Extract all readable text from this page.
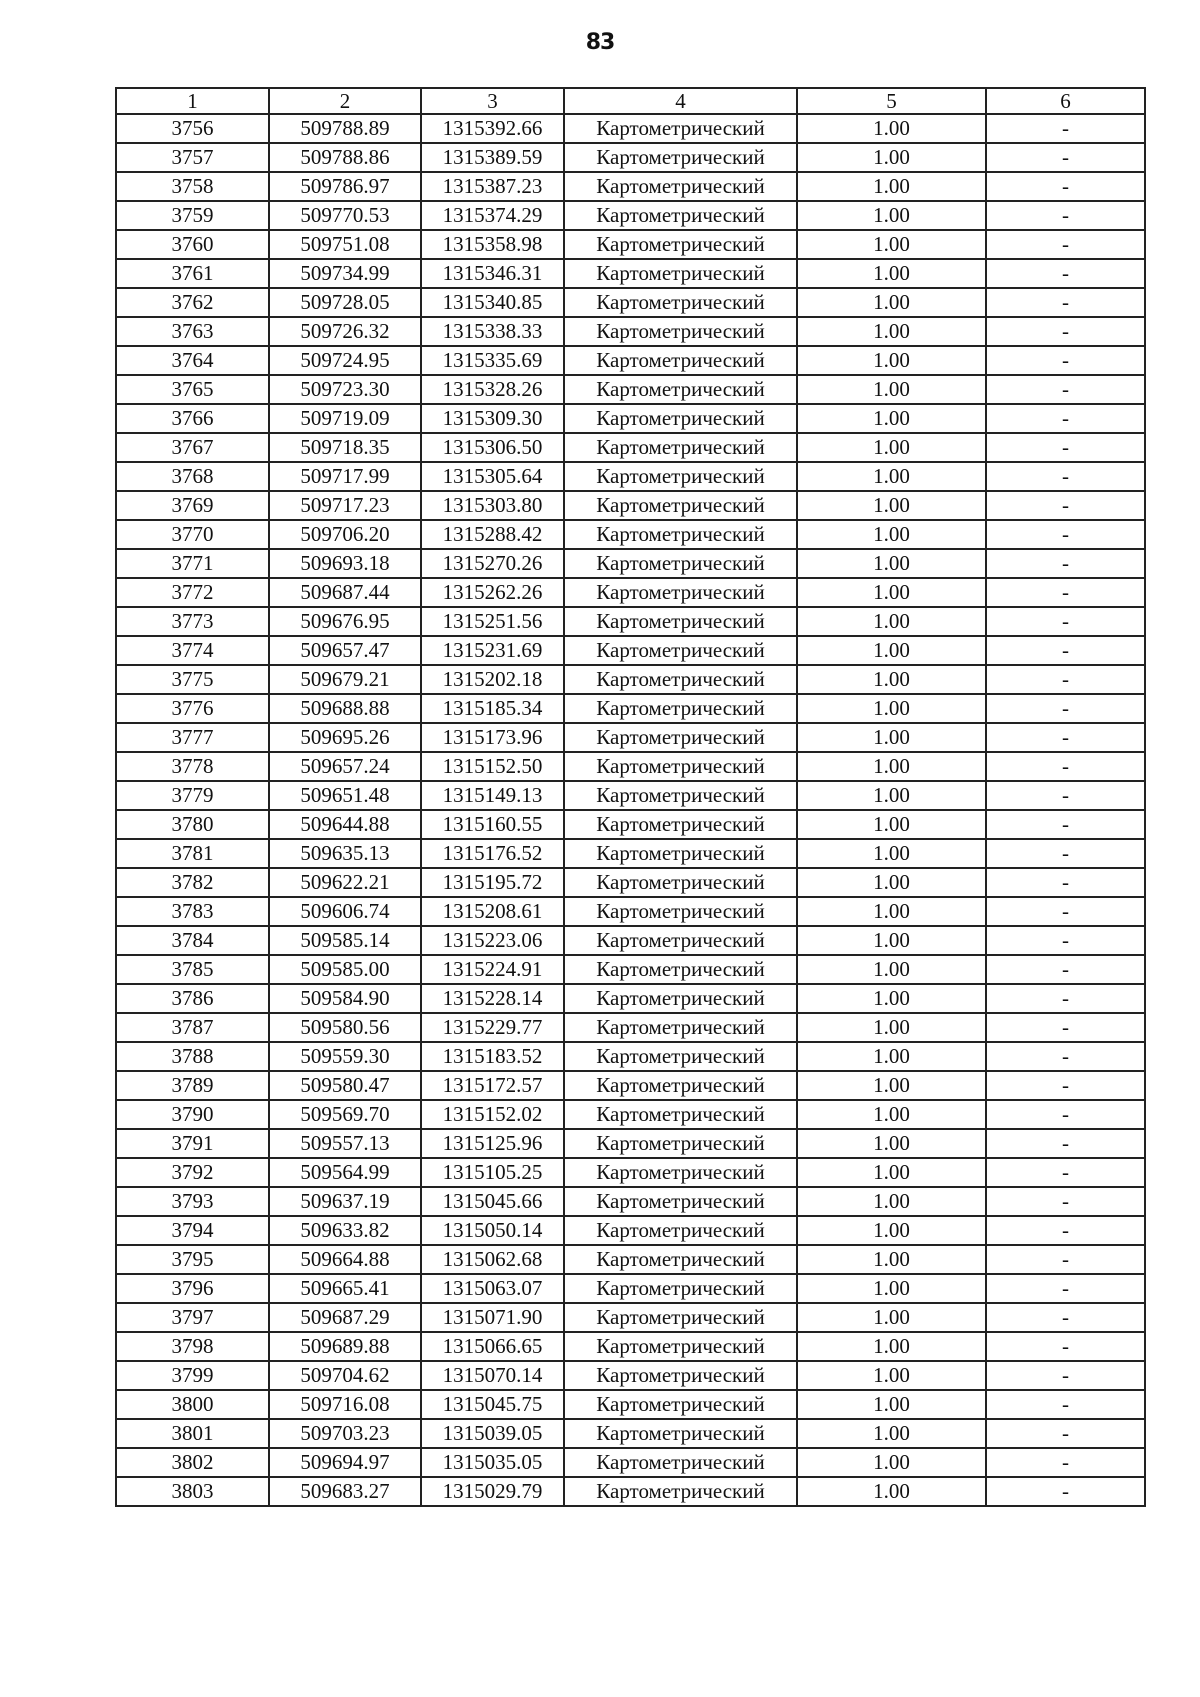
83
1	2	3	4	5	6
3756	509788.89	1315392.66	Картометрический	1.00	-
3757	509788.86	1315389.59	Картометрический	1.00	-
3758	509786.97	1315387.23	Картометрический	1.00	-
3759	509770.53	1315374.29	Картометрический	1.00	-
3760	509751.08	1315358.98	Картометрический	1.00	-
3761	509734.99	1315346.31	Картометрический	1.00	-
3762	509728.05	1315340.85	Картометрический	1.00	-
3763	509726.32	1315338.33	Картометрический	1.00	-
3764	509724.95	1315335.69	Картометрический	1.00	-
3765	509723.30	1315328.26	Картометрический	1.00	-
3766	509719.09	1315309.30	Картометрический	1.00	-
3767	509718.35	1315306.50	Картометрический	1.00	-
3768	509717.99	1315305.64	Картометрический	1.00	-
3769	509717.23	1315303.80	Картометрический	1.00	-
3770	509706.20	1315288.42	Картометрический	1.00	-
3771	509693.18	1315270.26	Картометрический	1.00	-
3772	509687.44	1315262.26	Картометрический	1.00	-
3773	509676.95	1315251.56	Картометрический	1.00	-
3774	509657.47	1315231.69	Картометрический	1.00	-
3775	509679.21	1315202.18	Картометрический	1.00	-
3776	509688.88	1315185.34	Картометрический	1.00	-
3777	509695.26	1315173.96	Картометрический	1.00	-
3778	509657.24	1315152.50	Картометрический	1.00	-
3779	509651.48	1315149.13	Картометрический	1.00	-
3780	509644.88	1315160.55	Картометрический	1.00	-
3781	509635.13	1315176.52	Картометрический	1.00	-
3782	509622.21	1315195.72	Картометрический	1.00	-
3783	509606.74	1315208.61	Картометрический	1.00	-
3784	509585.14	1315223.06	Картометрический	1.00	-
3785	509585.00	1315224.91	Картометрический	1.00	-
3786	509584.90	1315228.14	Картометрический	1.00	-
3787	509580.56	1315229.77	Картометрический	1.00	-
3788	509559.30	1315183.52	Картометрический	1.00	-
3789	509580.47	1315172.57	Картометрический	1.00	-
3790	509569.70	1315152.02	Картометрический	1.00	-
3791	509557.13	1315125.96	Картометрический	1.00	-
3792	509564.99	1315105.25	Картометрический	1.00	-
3793	509637.19	1315045.66	Картометрический	1.00	-
3794	509633.82	1315050.14	Картометрический	1.00	-
3795	509664.88	1315062.68	Картометрический	1.00	-
3796	509665.41	1315063.07	Картометрический	1.00	-
3797	509687.29	1315071.90	Картометрический	1.00	-
3798	509689.88	1315066.65	Картометрический	1.00	-
3799	509704.62	1315070.14	Картометрический	1.00	-
3800	509716.08	1315045.75	Картометрический	1.00	-
3801	509703.23	1315039.05	Картометрический	1.00	-
3802	509694.97	1315035.05	Картометрический	1.00	-
3803	509683.27	1315029.79	Картометрический	1.00	-
